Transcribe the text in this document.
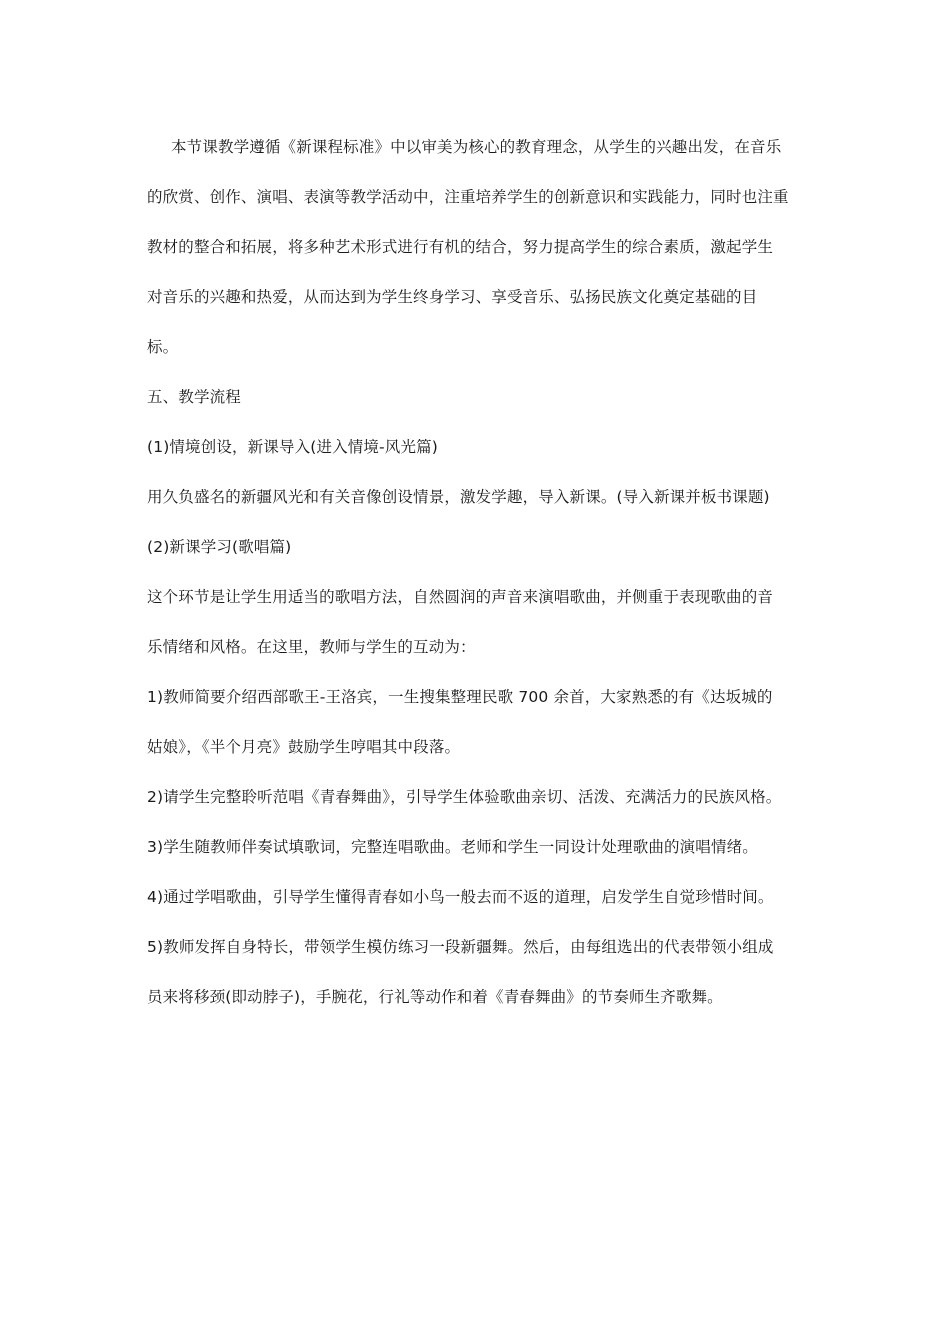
本节课教学遵循《新课程标准》中以审美为核心的教育理念，从学生的兴趣出发，在音乐
的欣赏、创作、演唱、表演等教学活动中，注重培养学生的创新意识和实践能力，同时也注重
教材的整合和拓展，将多种艺术形式进行有机的结合，努力提高学生的综合素质，激起学生
对音乐的兴趣和热爱，从而达到为学生终身学习、享受音乐、弘扬民族文化奠定基础的目
标。

五、教学流程

(1)情境创设，新课导入(进入情境-风光篇)

用久负盛名的新疆风光和有关音像创设情景，激发学趣，导入新课。(导入新课并板书课题)

(2)新课学习(歌唱篇)

这个环节是让学生用适当的歌唱方法，自然圆润的声音来演唱歌曲，并侧重于表现歌曲的音
乐情绪和风格。在这里，教师与学生的互动为：

1)教师简要介绍西部歌王-王洛宾，一生搜集整理民歌 700 余首，大家熟悉的有《达坂城的
姑娘》，《半个月亮》鼓励学生哼唱其中段落。

2)请学生完整聆听范唱《青春舞曲》，引导学生体验歌曲亲切、活泼、充满活力的民族风格。

3)学生随教师伴奏试填歌词，完整连唱歌曲。老师和学生一同设计处理歌曲的演唱情绪。

4)通过学唱歌曲，引导学生懂得青春如小鸟一般去而不返的道理，启发学生自觉珍惜时间。

5)教师发挥自身特长，带领学生模仿练习一段新疆舞。然后，由每组选出的代表带领小组成
员来将移颈(即动脖子)，手腕花，行礼等动作和着《青春舞曲》的节奏师生齐歌舞。
